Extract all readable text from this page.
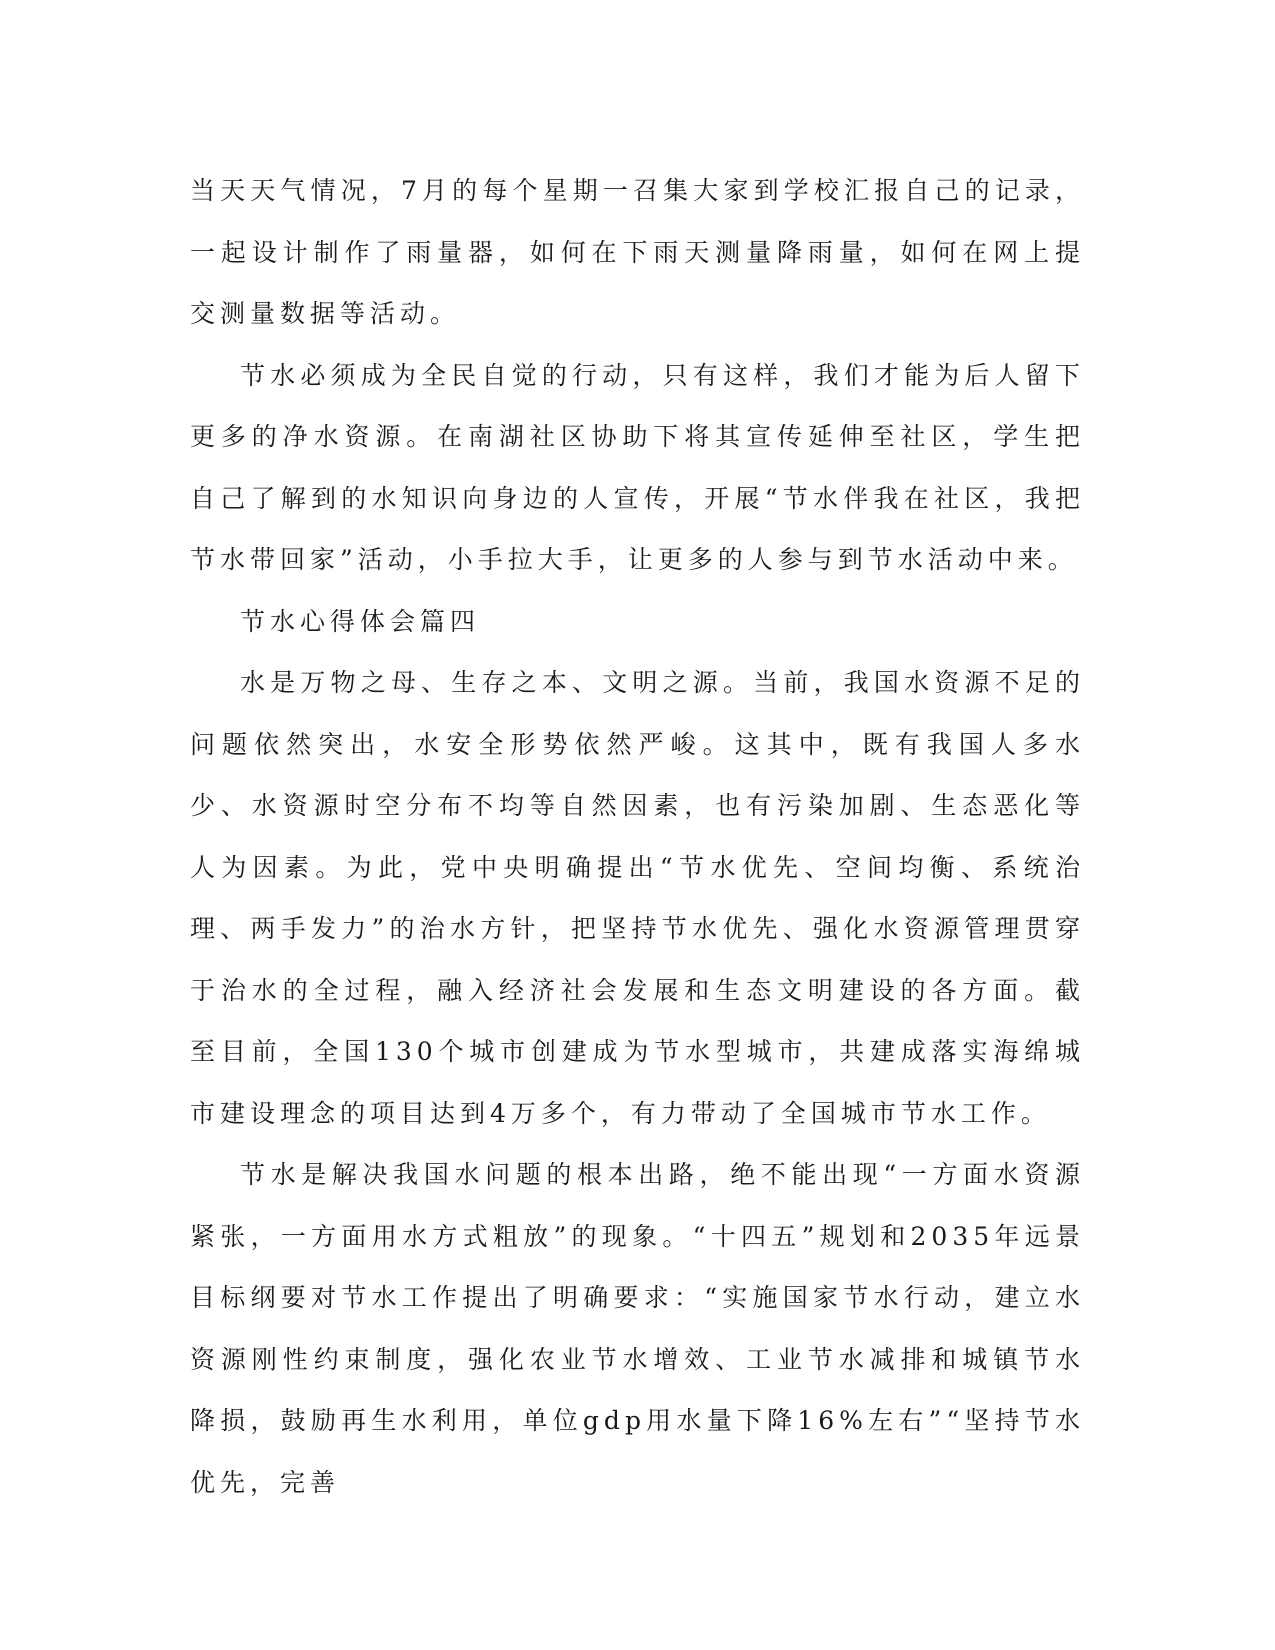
当天天气情况，7月的每个星期一召集大家到学校汇报自己的记录，一起设计制作了雨量器，如何在下雨天测量降雨量，如何在网上提交测量数据等活动。

节水必须成为全民自觉的行动，只有这样，我们才能为后人留下更多的净水资源。在南湖社区协助下将其宣传延伸至社区，学生把自己了解到的水知识向身边的人宣传，开展“节水伴我在社区，我把节水带回家”活动，小手拉大手，让更多的人参与到节水活动中来。

节水心得体会篇四

水是万物之母、生存之本、文明之源。当前，我国水资源不足的问题依然突出，水安全形势依然严峻。这其中，既有我国人多水少、水资源时空分布不均等自然因素，也有污染加剧、生态恶化等人为因素。为此，党中央明确提出“节水优先、空间均衡、系统治理、两手发力”的治水方针，把坚持节水优先、强化水资源管理贯穿于治水的全过程，融入经济社会发展和生态文明建设的各方面。截至目前，全国130个城市创建成为节水型城市，共建成落实海绵城市建设理念的项目达到4万多个，有力带动了全国城市节水工作。

节水是解决我国水问题的根本出路，绝不能出现“一方面水资源紧张，一方面用水方式粗放”的现象。“十四五”规划和2035年远景目标纲要对节水工作提出了明确要求：“实施国家节水行动，建立水资源刚性约束制度，强化农业节水增效、工业节水减排和城镇节水降损，鼓励再生水利用，单位gdp用水量下降16%左右”“坚持节水优先，完善
